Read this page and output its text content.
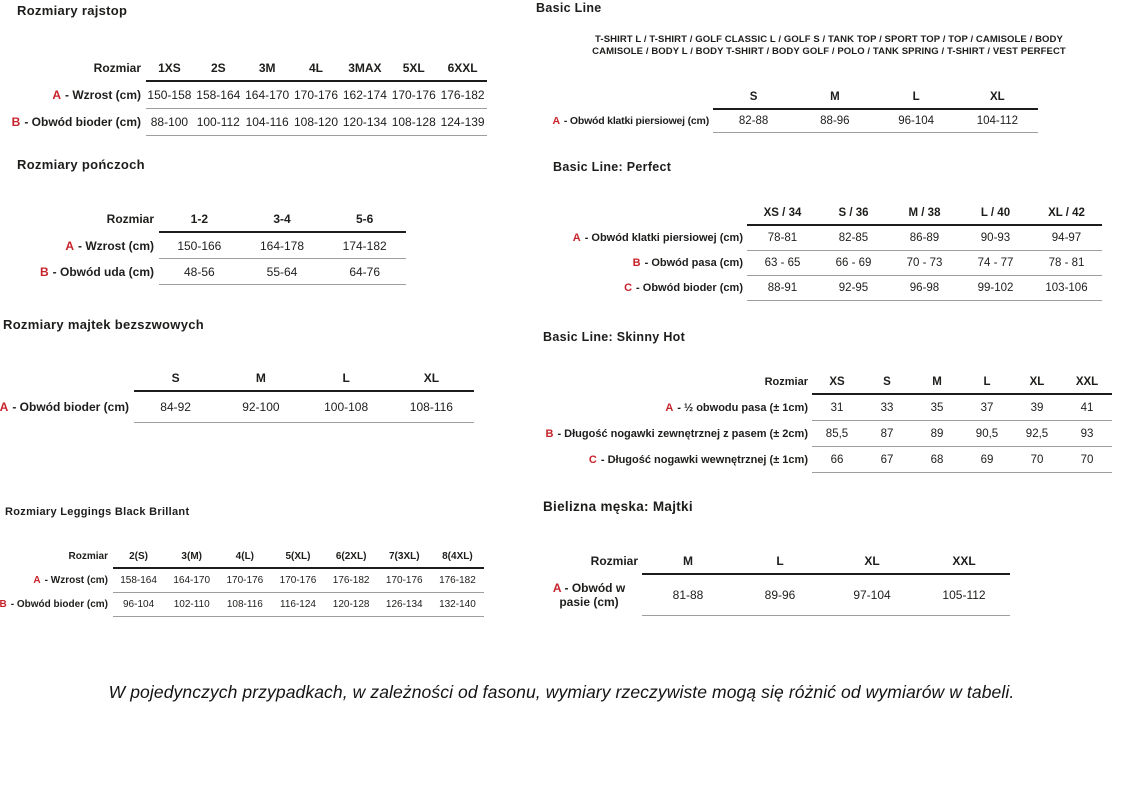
Rozmiary rajstop
Rozmiar	1XS	2S	3M	4L	3MAX	5XL	6XXL
A - Wzrost (cm) 150-158 158-164 164-170 170-176 162-174 170-176 176-182
B - Obwód bioder (cm) 88-100 100-112 104-116 108-120 120-134 108-128 124-139
Rozmiary pończoch
Rozmiar	1-2	3-4	5-6
A - Wzrost (cm)	150-166	164-178	174-182
B - Obwód uda (cm)	48-56	55-64	64-76
Rozmiary majtek bezszwowych
S	M	L	XL
A - Obwód bioder (cm)	84-92	92-100	100-108	108-116
Rozmiary Leggings Black Brillant
Rozmiar	2(S)	3(M)	4(L)	5(XL)	6(2XL)	7(3XL)	8(4XL)
A - Wzrost (cm)	158-164	164-170	170-176	170-176	176-182	170-176	176-182
B - Obwód bioder (cm)	96-104	102-110	108-116	116-124	120-128	126-134	132-140
Basic Line
T-SHIRT L / T-SHIRT / GOLF CLASSIC L / GOLF S / TANK TOP / SPORT TOP / TOP / CAMISOLE / BODY
CAMISOLE / BODY L / BODY T-SHIRT / BODY GOLF / POLO / TANK SPRING / T-SHIRT / VEST PERFECT
S	M	L	XL
A - Obwód klatki piersiowej (cm)	82-88	88-96	96-104	104-112
Basic Line: Perfect
XS / 34	S / 36	M / 38	L / 40	XL / 42
A - Obwód klatki piersiowej (cm)	78-81	82-85	86-89	90-93	94-97
B - Obwód pasa (cm)	63 - 65	66 - 69	70 - 73	74 - 77	78 - 81
C - Obwód bioder (cm)	88-91	92-95	96-98	99-102	103-106
Basic Line: Skinny Hot
Rozmiar	XS	S	M	L	XL	XXL
A - ½ obwodu pasa (± 1cm)	31	33	35	37	39	41
B - Długość nogawki zewnętrznej z pasem (± 2cm)	85,5	87	89	90,5	92,5	93
C - Długość nogawki wewnętrznej (± 1cm)	66	67	68	69	70	70
Bielizna męska: Majtki
Rozmiar	M	L	XL	XXL
A - Obwód w pasie (cm)	81-88	89-96	97-104	105-112
W pojedynczych przypadkach, w zależności od fasonu, wymiary rzeczywiste mogą się różnić od wymiarów w tabeli.
